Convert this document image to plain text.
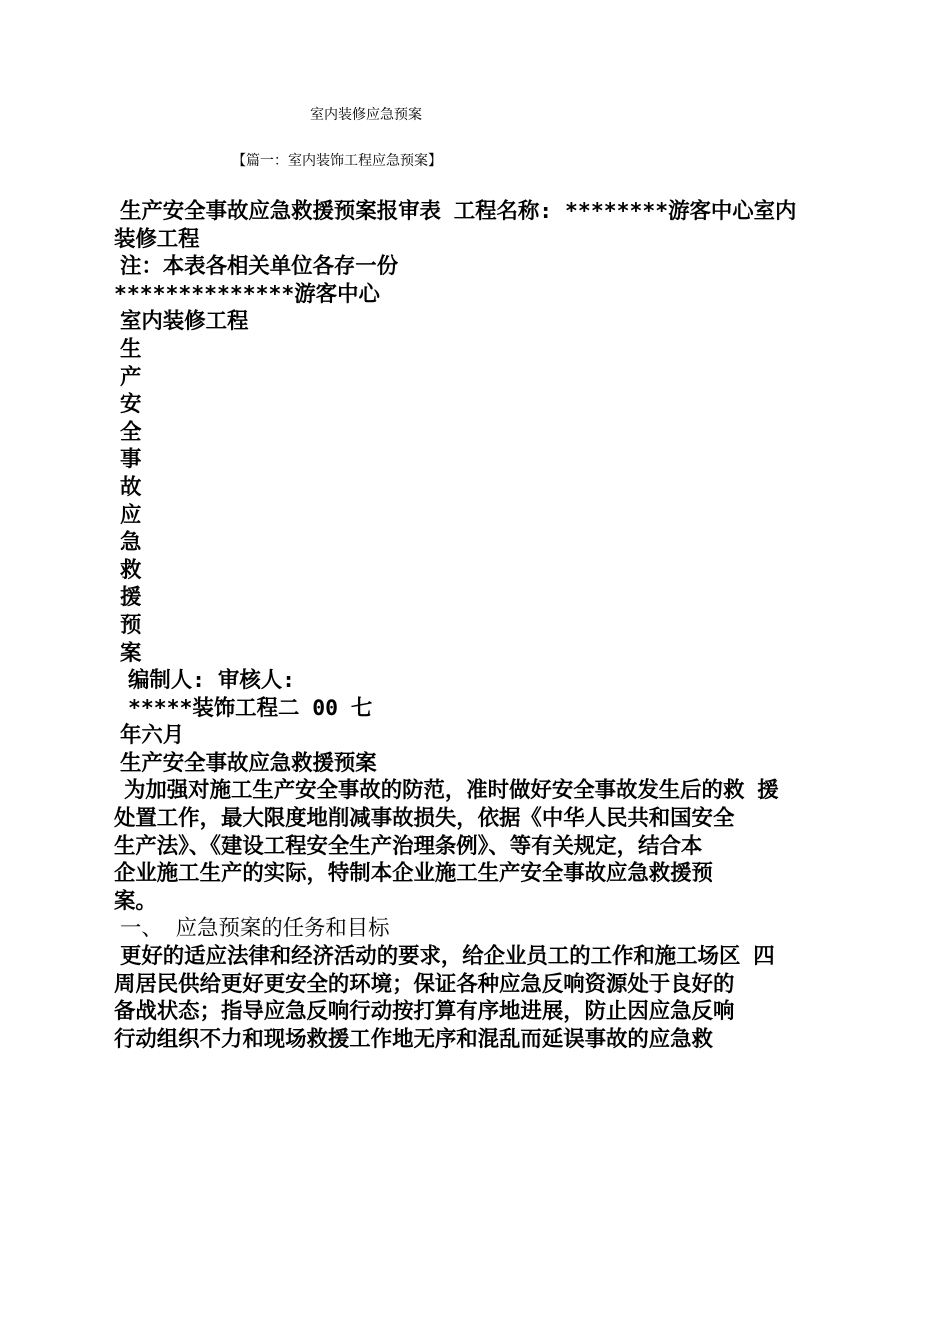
室内装修应急预案
【篇一：室内装饰工程应急预案】
生产安全事故应急救援预案报审表 工程名称: ********游客中心室内
装修工程
注：本表各相关单位各存一份
**************游客中心
室内装修工程
生
产
安
全
事
故
应
急
救
援
预
案
编制人: 审核人:
*****装饰工程二 00 七
年六月
生产安全事故应急救援预案
为加强对施工生产安全事故的防范，准时做好安全事故发生后的救 援
处置工作，最大限度地削减事故损失，依据《中华人民共和国安全
生产法》、《建设工程安全生产治理条例》、等有关规定，结合本
企业施工生产的实际，特制本企业施工生产安全事故应急救援预
案。
一、 应急预案的任务和目标
更好的适应法律和经济活动的要求，给企业员工的工作和施工场区 四
周居民供给更好更安全的环境；保证各种应急反响资源处于良好的
备战状态；指导应急反响行动按打算有序地进展，防止因应急反响
行动组织不力和现场救援工作地无序和混乱而延误事故的应急救
